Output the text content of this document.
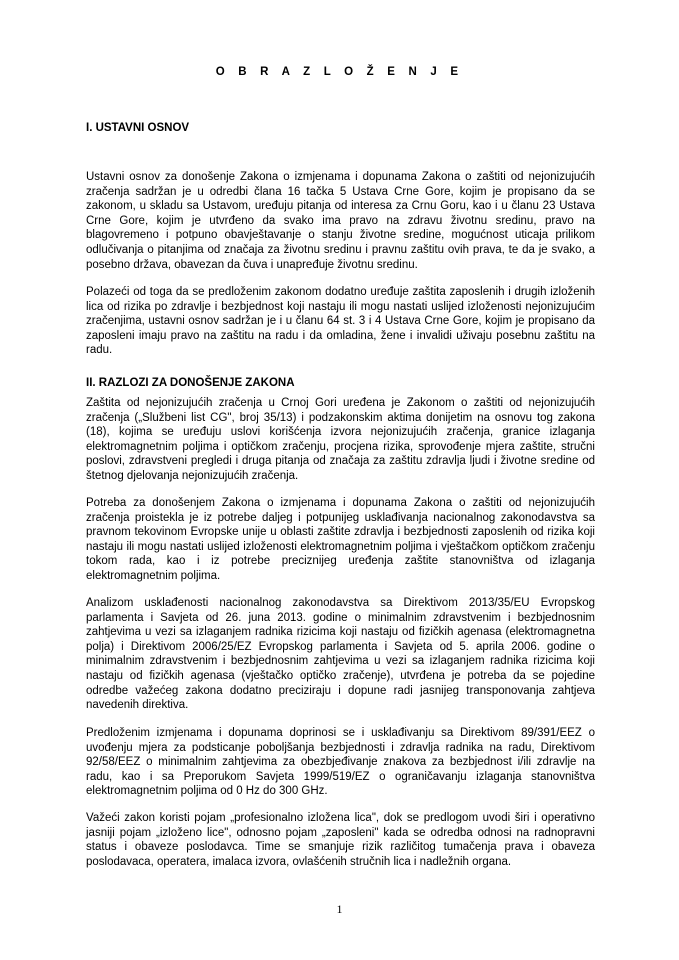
O B R A Z L O Ž E N J E
I. USTAVNI OSNOV

Ustavni osnov za donošenje Zakona o izmjenama i dopunama Zakona o zaštiti od nejonizujućih zračenja sadržan je u odredbi člana 16 tačka 5 Ustava Crne Gore, kojim je propisano da se zakonom, u skladu sa Ustavom, uređuju pitanja od interesa za Crnu Goru, kao i u članu 23 Ustava Crne Gore, kojim je utvrđeno da svako ima pravo na zdravu životnu sredinu, pravo na blagovremeno i potpuno obavještavanje o stanju životne sredine, mogućnost uticaja prilikom odlučivanja o pitanjima od značaja za životnu sredinu i pravnu zaštitu ovih prava, te da je svako, a posebno država, obavezan da čuva i unapređuje životnu sredinu.

Polazeći od toga da se predloženim zakonom dodatno uređuje zaštita zaposlenih i drugih izloženih lica od rizika po zdravlje i bezbjednost koji nastaju ili mogu nastati uslijed izloženosti nejonizujućim zračenjima, ustavni osnov sadržan je i u članu 64 st. 3 i 4 Ustava Crne Gore, kojim je propisano da zaposleni imaju pravo na zaštitu na radu i da omladina, žene i invalidi uživaju posebnu zaštitu na radu.

II. RAZLOZI ZA DONOŠENJE ZAKONA

Zaštita od nejonizujućih zračenja u Crnoj Gori uređena je Zakonom o zaštiti od nejonizujućih zračenja („Službeni list CG", broj 35/13) i podzakonskim aktima donijetim na osnovu tog zakona (18), kojima se uređuju uslovi korišćenja izvora nejonizujućih zračenja, granice izlaganja elektromagnetnim poljima i optičkom zračenju, procjena rizika, sprovođenje mjera zaštite, stručni poslovi, zdravstveni pregledi i druga pitanja od značaja za zaštitu zdravlja ljudi i životne sredine od štetnog djelovanja nejonizujućih zračenja.

Potreba za donošenjem Zakona o izmjenama i dopunama Zakona o zaštiti od nejonizujućih zračenja proistekla je iz potrebe daljeg i potpunijeg usklađivanja nacionalnog zakonodavstva sa pravnom tekovinom Evropske unije u oblasti zaštite zdravlja i bezbjednosti zaposlenih od rizika koji nastaju ili mogu nastati uslijed izloženosti elektromagnetnim poljima i vještačkom optičkom zračenju tokom rada, kao i iz potrebe preciznijeg uređenja zaštite stanovništva od izlaganja elektromagnetnim poljima.

Analizom usklađenosti nacionalnog zakonodavstva sa Direktivom 2013/35/EU Evropskog parlamenta i Savjeta od 26. juna 2013. godine o minimalnim zdravstvenim i bezbjednosnim zahtjevima u vezi sa izlaganjem radnika rizicima koji nastaju od fizičkih agenasa (elektromagnetna polja) i Direktivom 2006/25/EZ Evropskog parlamenta i Savjeta od 5. aprila 2006. godine o minimalnim zdravstvenim i bezbjednosnim zahtjevima u vezi sa izlaganjem radnika rizicima koji nastaju od fizičkih agenasa (vještačko optičko zračenje), utvrđena je potreba da se pojedine odredbe važećeg zakona dodatno preciziraju i dopune radi jasnijeg transponovanja zahtjeva navedenih direktiva.

Predloženim izmjenama i dopunama doprinosi se i usklađivanju sa Direktivom 89/391/EEZ o uvođenju mjera za podsticanje poboljšanja bezbjednosti i zdravlja radnika na radu, Direktivom 92/58/EEZ o minimalnim zahtjevima za obezbjeđivanje znakova za bezbjednost i/ili zdravlje na radu, kao i sa Preporukom Savjeta 1999/519/EZ o ograničavanju izlaganja stanovništva elektromagnetnim poljima od 0 Hz do 300 GHz.

Važeći zakon koristi pojam „profesionalno izložena lica", dok se predlogom uvodi širi i operativno jasniji pojam „izloženo lice", odnosno pojam „zaposleni" kada se odredba odnosi na radnopravni status i obaveze poslodavca. Time se smanjuje rizik različitog tumačenja prava i obaveza poslodavaca, operatera, imalaca izvora, ovlašćenih stručnih lica i nadležnih organa.

1
